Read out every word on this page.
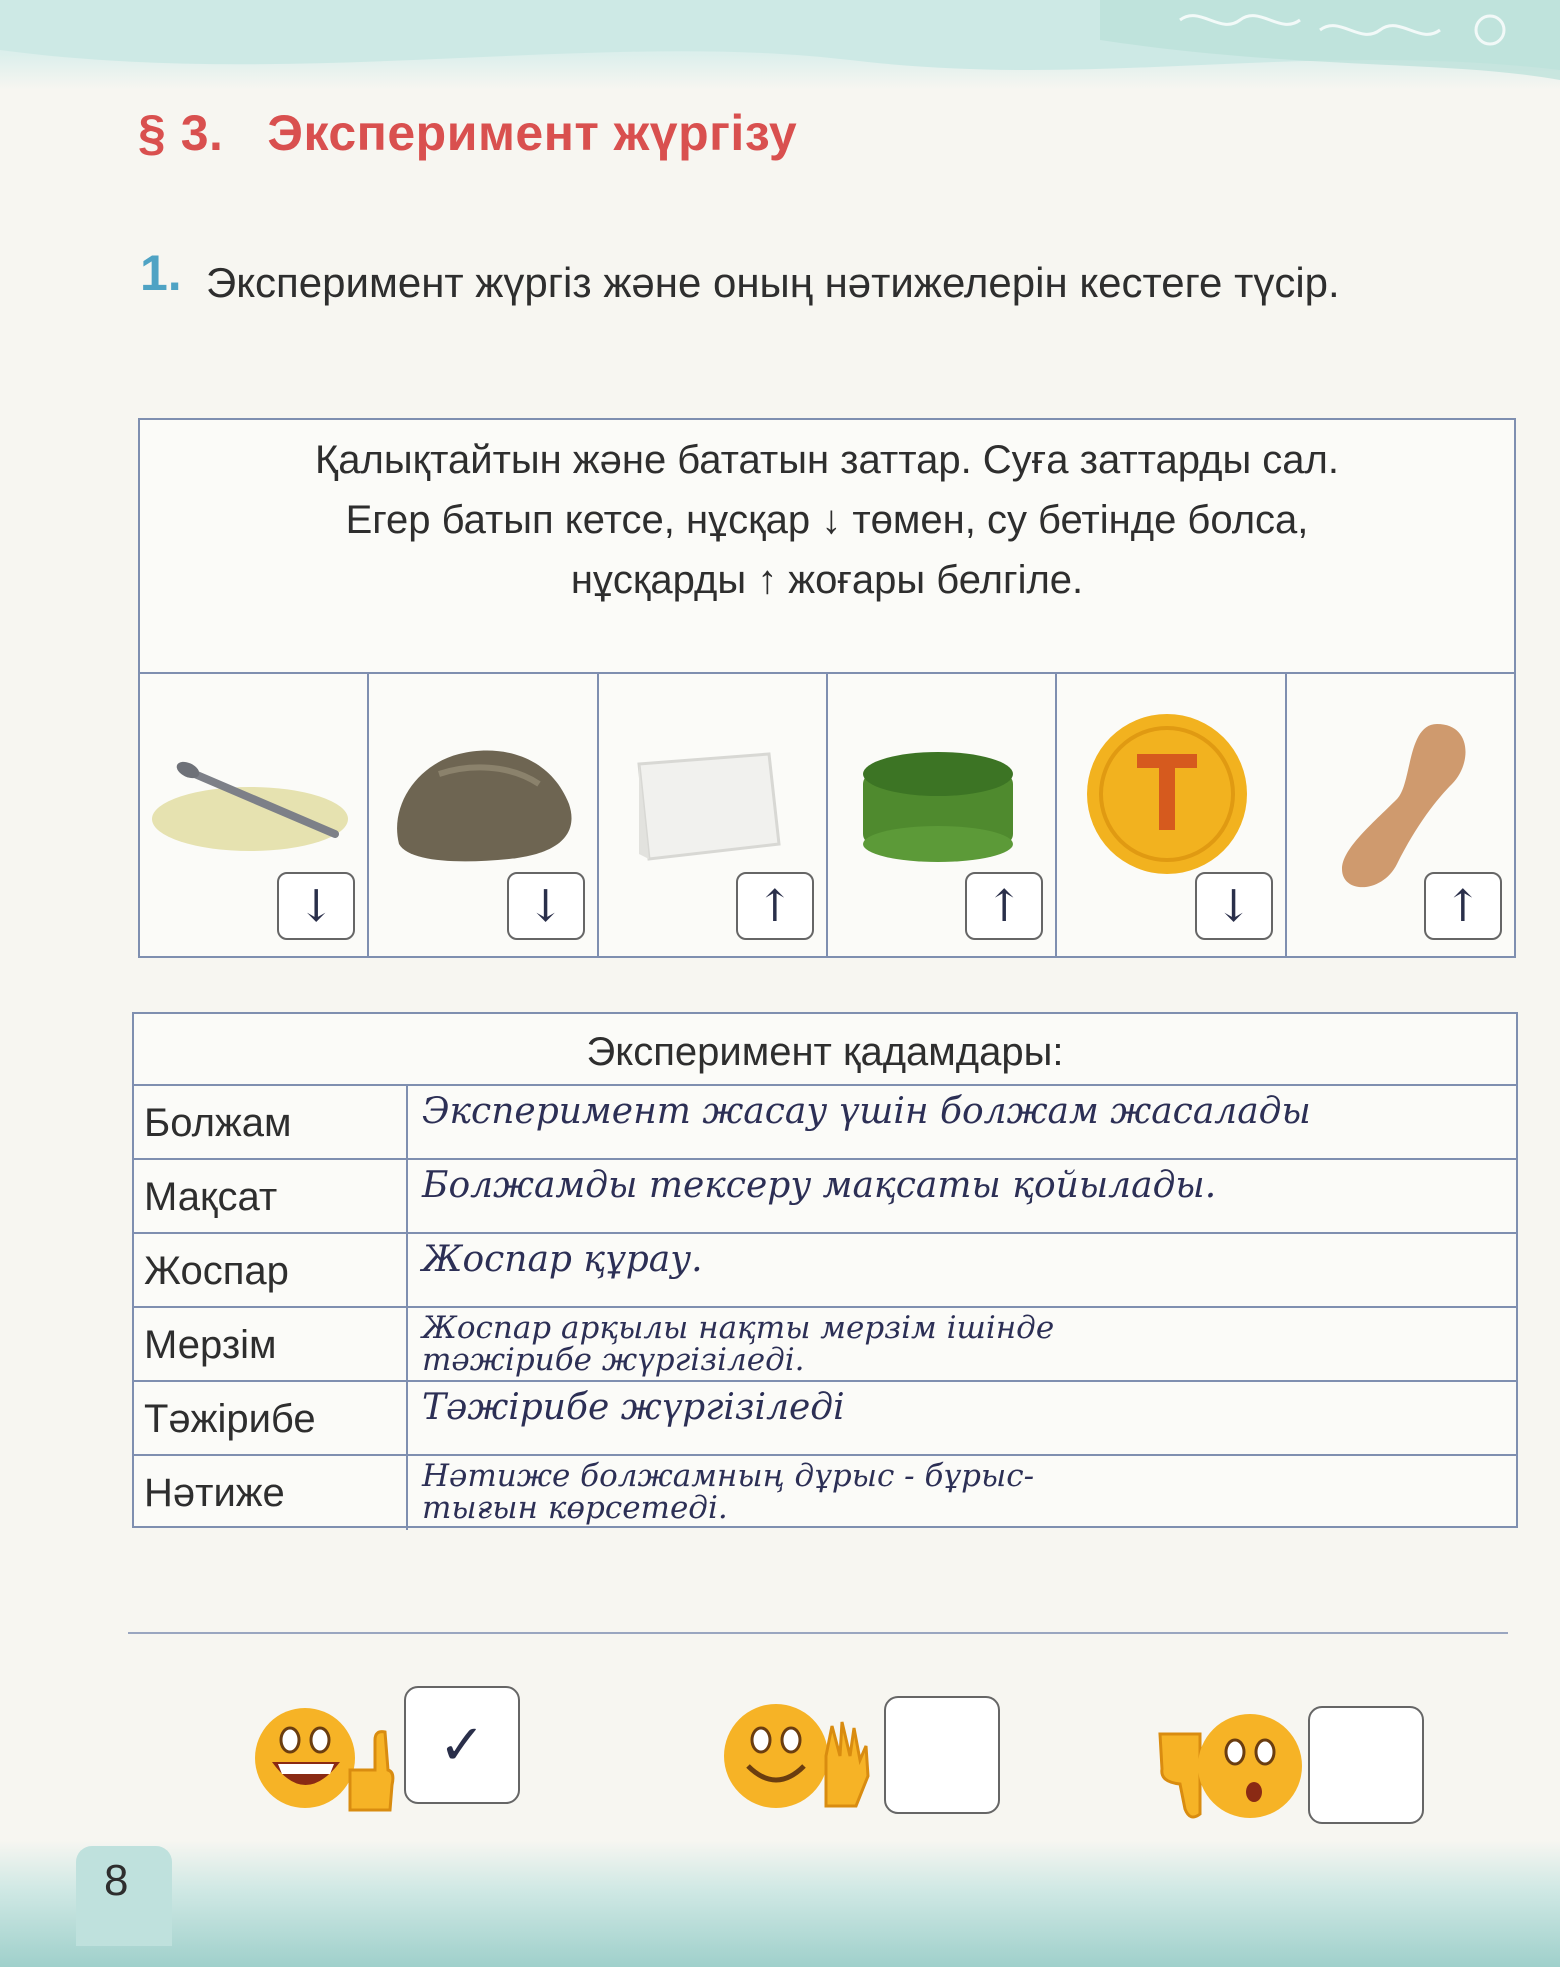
§ 3. Эксперимент жүргізу
1. Эксперимент жүргіз және оның нәтижелерін кестеге түсір.
Қалықтайтын және бататын заттар. Суға заттарды сал.
Егер батып кетсе, нұсқар ↓ төмен, су бетінде болса,
нұсқарды ↑ жоғары белгіле.
↓	↓	↑	↑	↓	↑
Эксперимент қадамдары:
Болжам	Эксперимент жасау үшін болжам жасалады
Мақсат	Болжамды тексеру мақсаты қойылады.
Жоспар	Жоспар құрау.
Мерзім	Жоспар арқылы нақты мерзім ішінде
тәжірибе жүргізіледі.
Тәжірибе	Тәжірибе жүргізіледі
Нәтиже	Нәтиже болжамның дұрыс - бұрыс-
тығын көрсетеді.
✓
8
